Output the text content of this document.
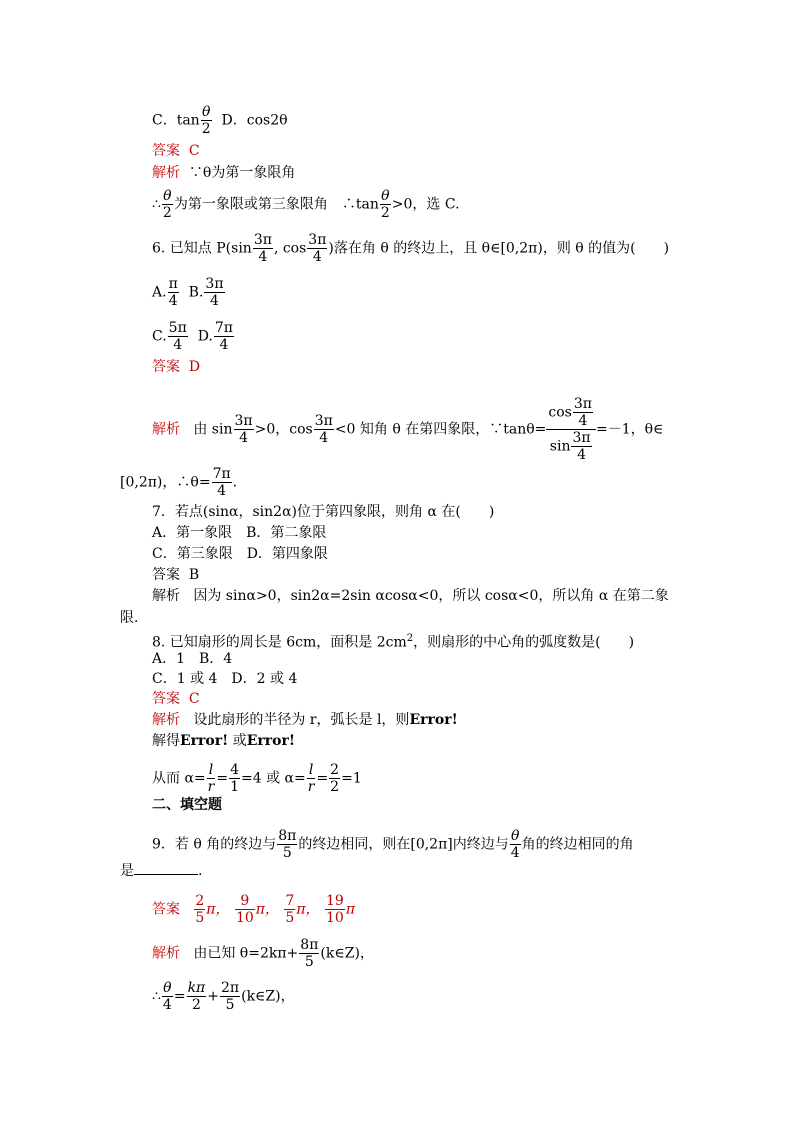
C．$\tan \frac{\theta}{2}$ D．cos2θ
答案 C
解析 ∵θ为第一象限角
∴ $\frac{\theta}{2}$ 为第一象限或第三象限角　∴tan $\frac{\theta}{2} >0$，选 C.
6. 已知点 $P(\sin \frac{3\pi}{4}$ , $\cos \frac{3\pi}{4}$ )落在角 θ 的终边上，且 θ∈[0,2π)，则 θ 的值为(　　)
A. $\frac{\pi}{4} B$. $\frac{3\pi}{4}$
C. $\frac{5\pi}{4} D$. $\frac{7\pi}{4}$
答案 D
解析 由 $\sin \frac{3\pi}{4} >0$，$\cos \frac{3\pi}{4} <0$ 知角 θ 在第四象限，∵tanθ= $\frac{\cos \frac{3\pi}{4}}{\sin \frac{3\pi}{4}} =-1$，θ∈
[0,2π)，∴θ= $\frac{7\pi}{4}$ .
7．若点(sinα，sin2α)位于第四象限，则角 α 在(　　)
A．第一象限　B．第二象限
C．第三象限　D．第四象限
答案 B
解析 因为 sinα>0，sin2α=2sin αcosα<0，所以 cosα<0，所以角 α 在第二象
限.
8. 已知扇形的周长是 6cm，面积是 $2cm^2$，则扇形的中心角的弧度数是(　　)
A．1　B．4
C．1 或 4　D．2 或 4
答案 C
解析 设此扇形的半径为 r，弧长是 l，则Error!
解得Error! 或Error!
从而 $\alpha= \frac{l}{r} = \frac{4}{1} =4$ 或 $\alpha= \frac{l}{r} = \frac{2}{2} =1$
二、填空题
9．若 θ 角的终边与 $\frac{8\pi}{5}$ 的终边相同，则在[0,2π]内终边与 $\frac{\theta}{4}$ 角的终边相同的角
是	.
答案 $\frac{2}{5}$ π， $\frac{9}{10}$ π， $\frac{7}{5}$ π， $\frac{19}{10}$ π
解析 由已知 $\theta=2k\pi+ \frac{8\pi}{5}$ (k∈Z)，
∴ $\frac{\theta}{4} = \frac{k\pi}{2} + \frac{2\pi}{5}$ (k∈Z)，
